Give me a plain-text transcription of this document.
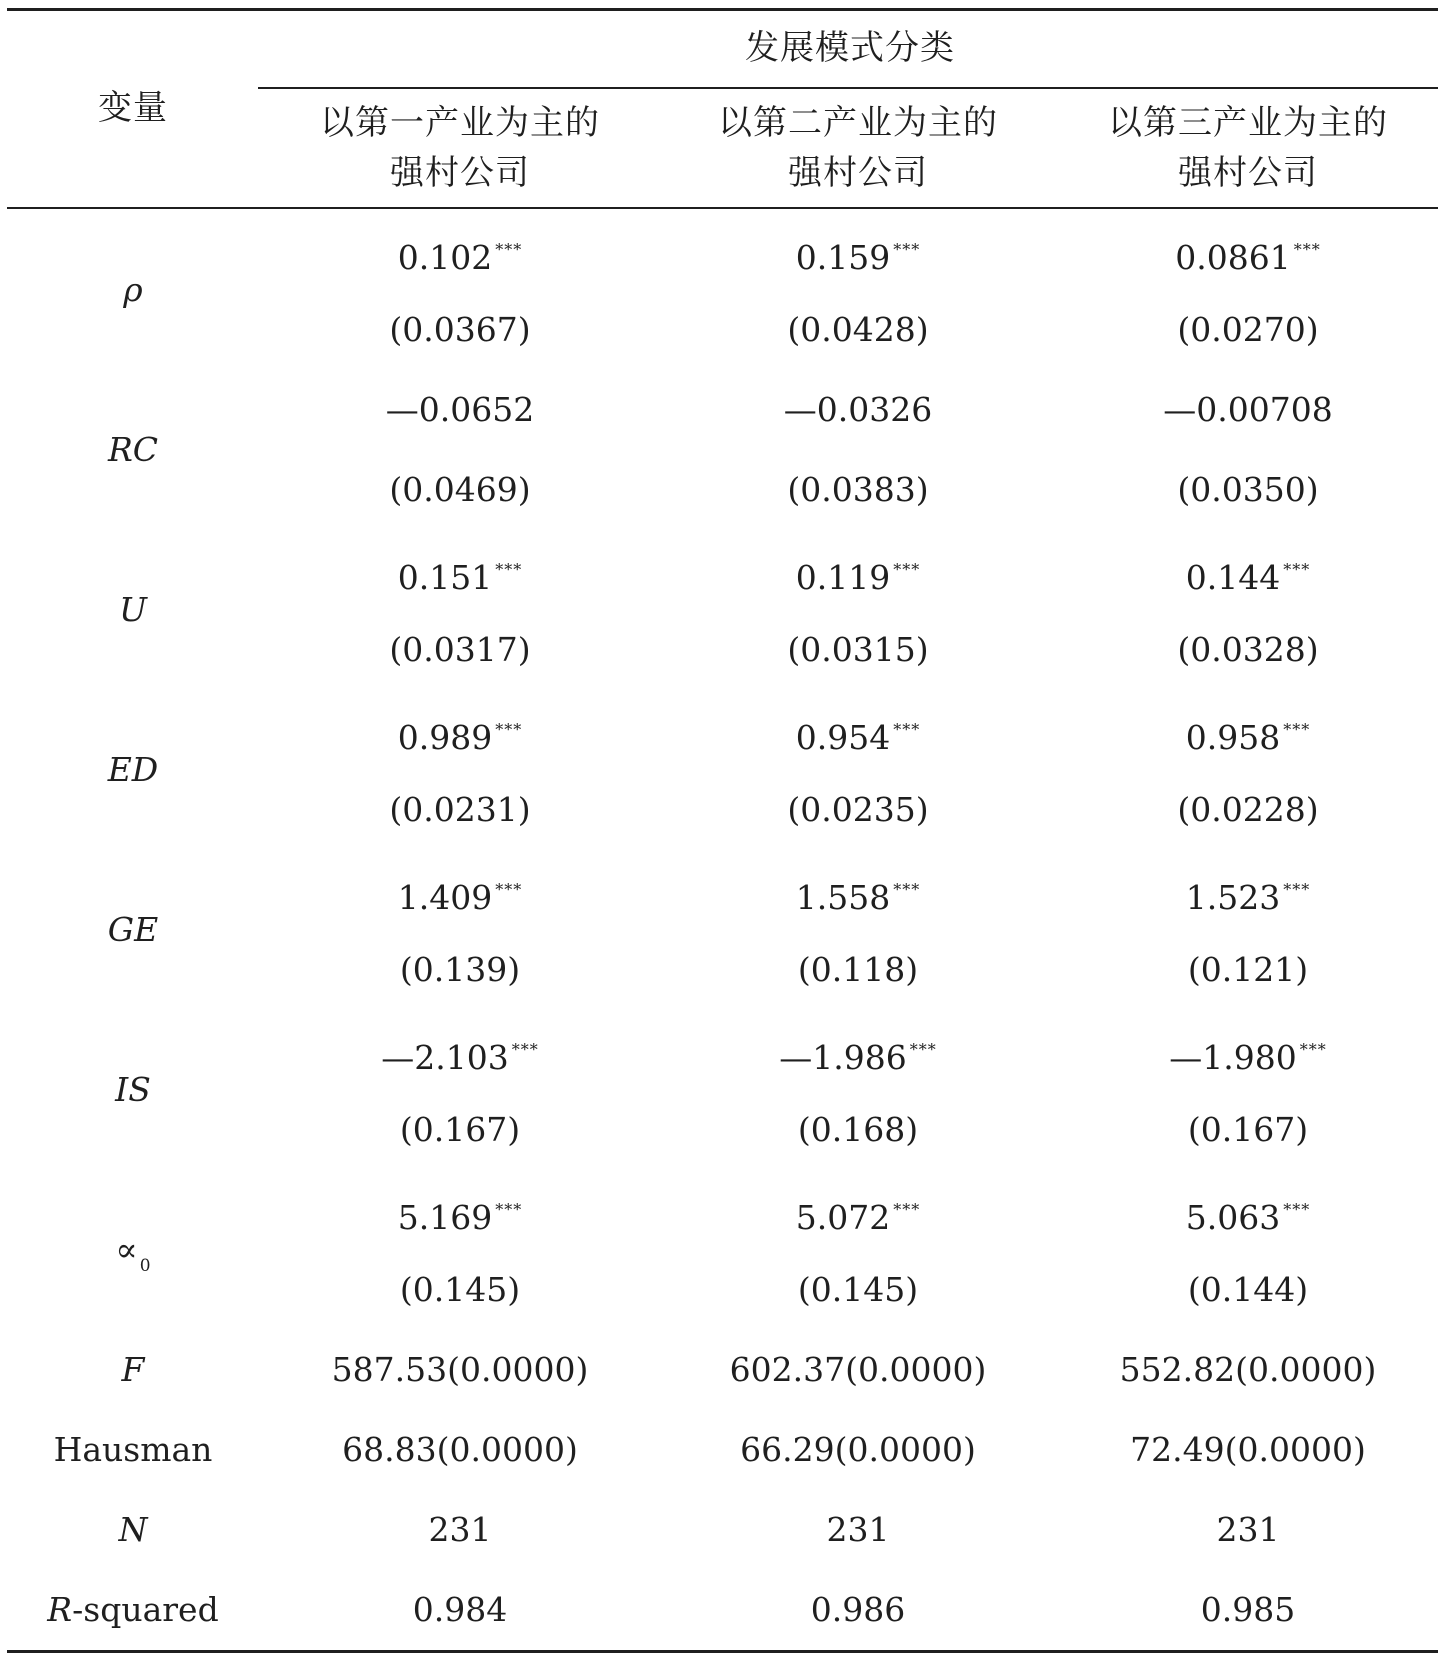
变量
发展模式分类
以第一产业为主的
强村公司
以第二产业为主的
强村公司
以第三产业为主的
强村公司
ρ
0.102 ***	0.159 ***	0.0861 ***
(0.0367)	(0.0428)	(0.0270)
RC
—0.0652	—0.0326	—0.00708
(0.0469)	(0.0383)	(0.0350)
U
0.151 ***	0.119 ***	0.144 ***
(0.0317)	(0.0315)	(0.0328)
ED
0.989 ***	0.954 ***	0.958 ***
(0.0231)	(0.0235)	(0.0228)
GE
1.409 ***	1.558 ***	1.523 ***
(0.139)	(0.118)	(0.121)
IS
—2.103 ***	—1.986 ***	—1.980 ***
(0.167)	(0.168)	(0.167)
∝ $_0$
5.169 ***	5.072 ***	5.063 ***
(0.145)	(0.145)	(0.144)
F	587.53(0.0000)	602.37(0.0000)	552.82(0.0000)
Hausman	68.83(0.0000)	66.29(0.0000)	72.49(0.0000)
N	231	231	231
R-squared	0.984	0.986	0.985
